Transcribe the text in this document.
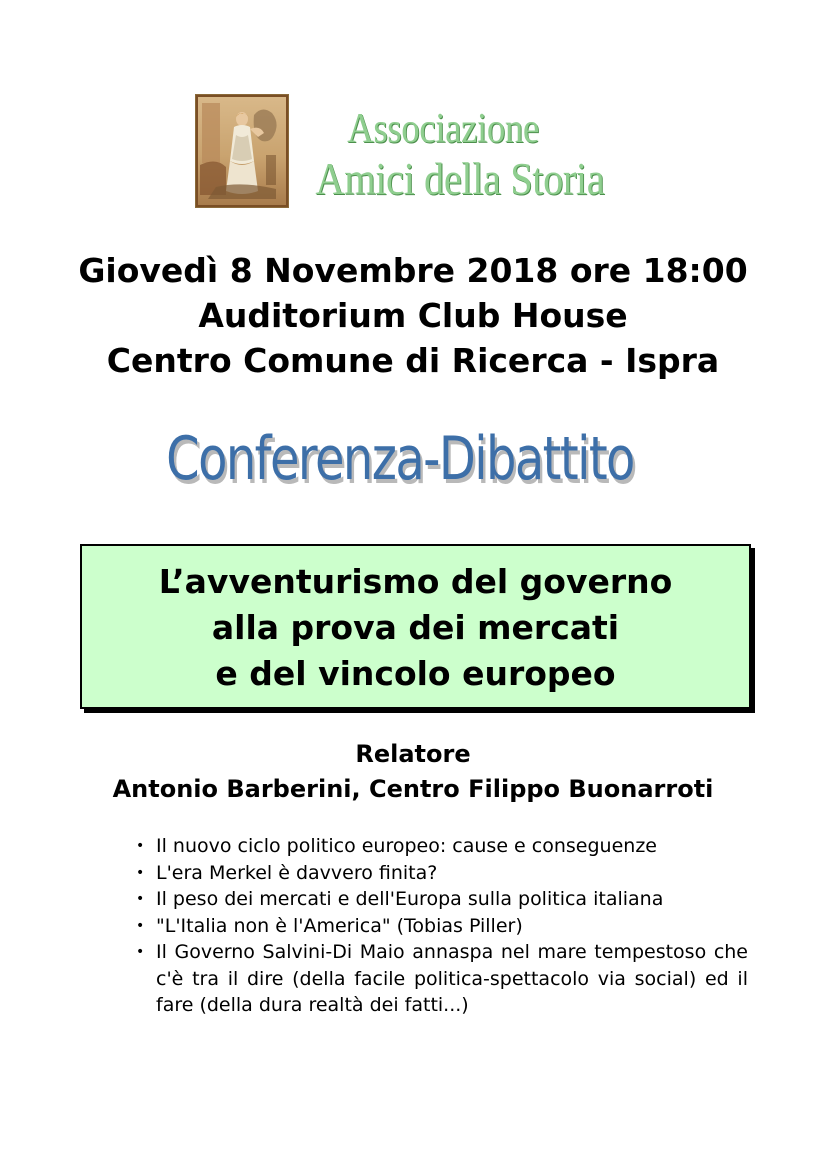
Associazione
Amici della Storia
Giovedì 8 Novembre 2018 ore 18:00
Auditorium Club House
Centro Comune di Ricerca - Ispra
Conferenza-Dibattito
L’avventurismo del governo
alla prova dei mercati
e del vincolo europeo
Relatore
Antonio Barberini, Centro Filippo Buonarroti
• Il nuovo ciclo politico europeo: cause e conseguenze
• L'era Merkel è davvero finita?
• Il peso dei mercati e dell'Europa sulla politica italiana
• "L'Italia non è l'America" (Tobias Piller)
• Il Governo Salvini-Di Maio annaspa nel mare tempestoso che c'è tra il dire (della facile politica-spettacolo via social) ed il fare (della dura realtà dei fatti...)
